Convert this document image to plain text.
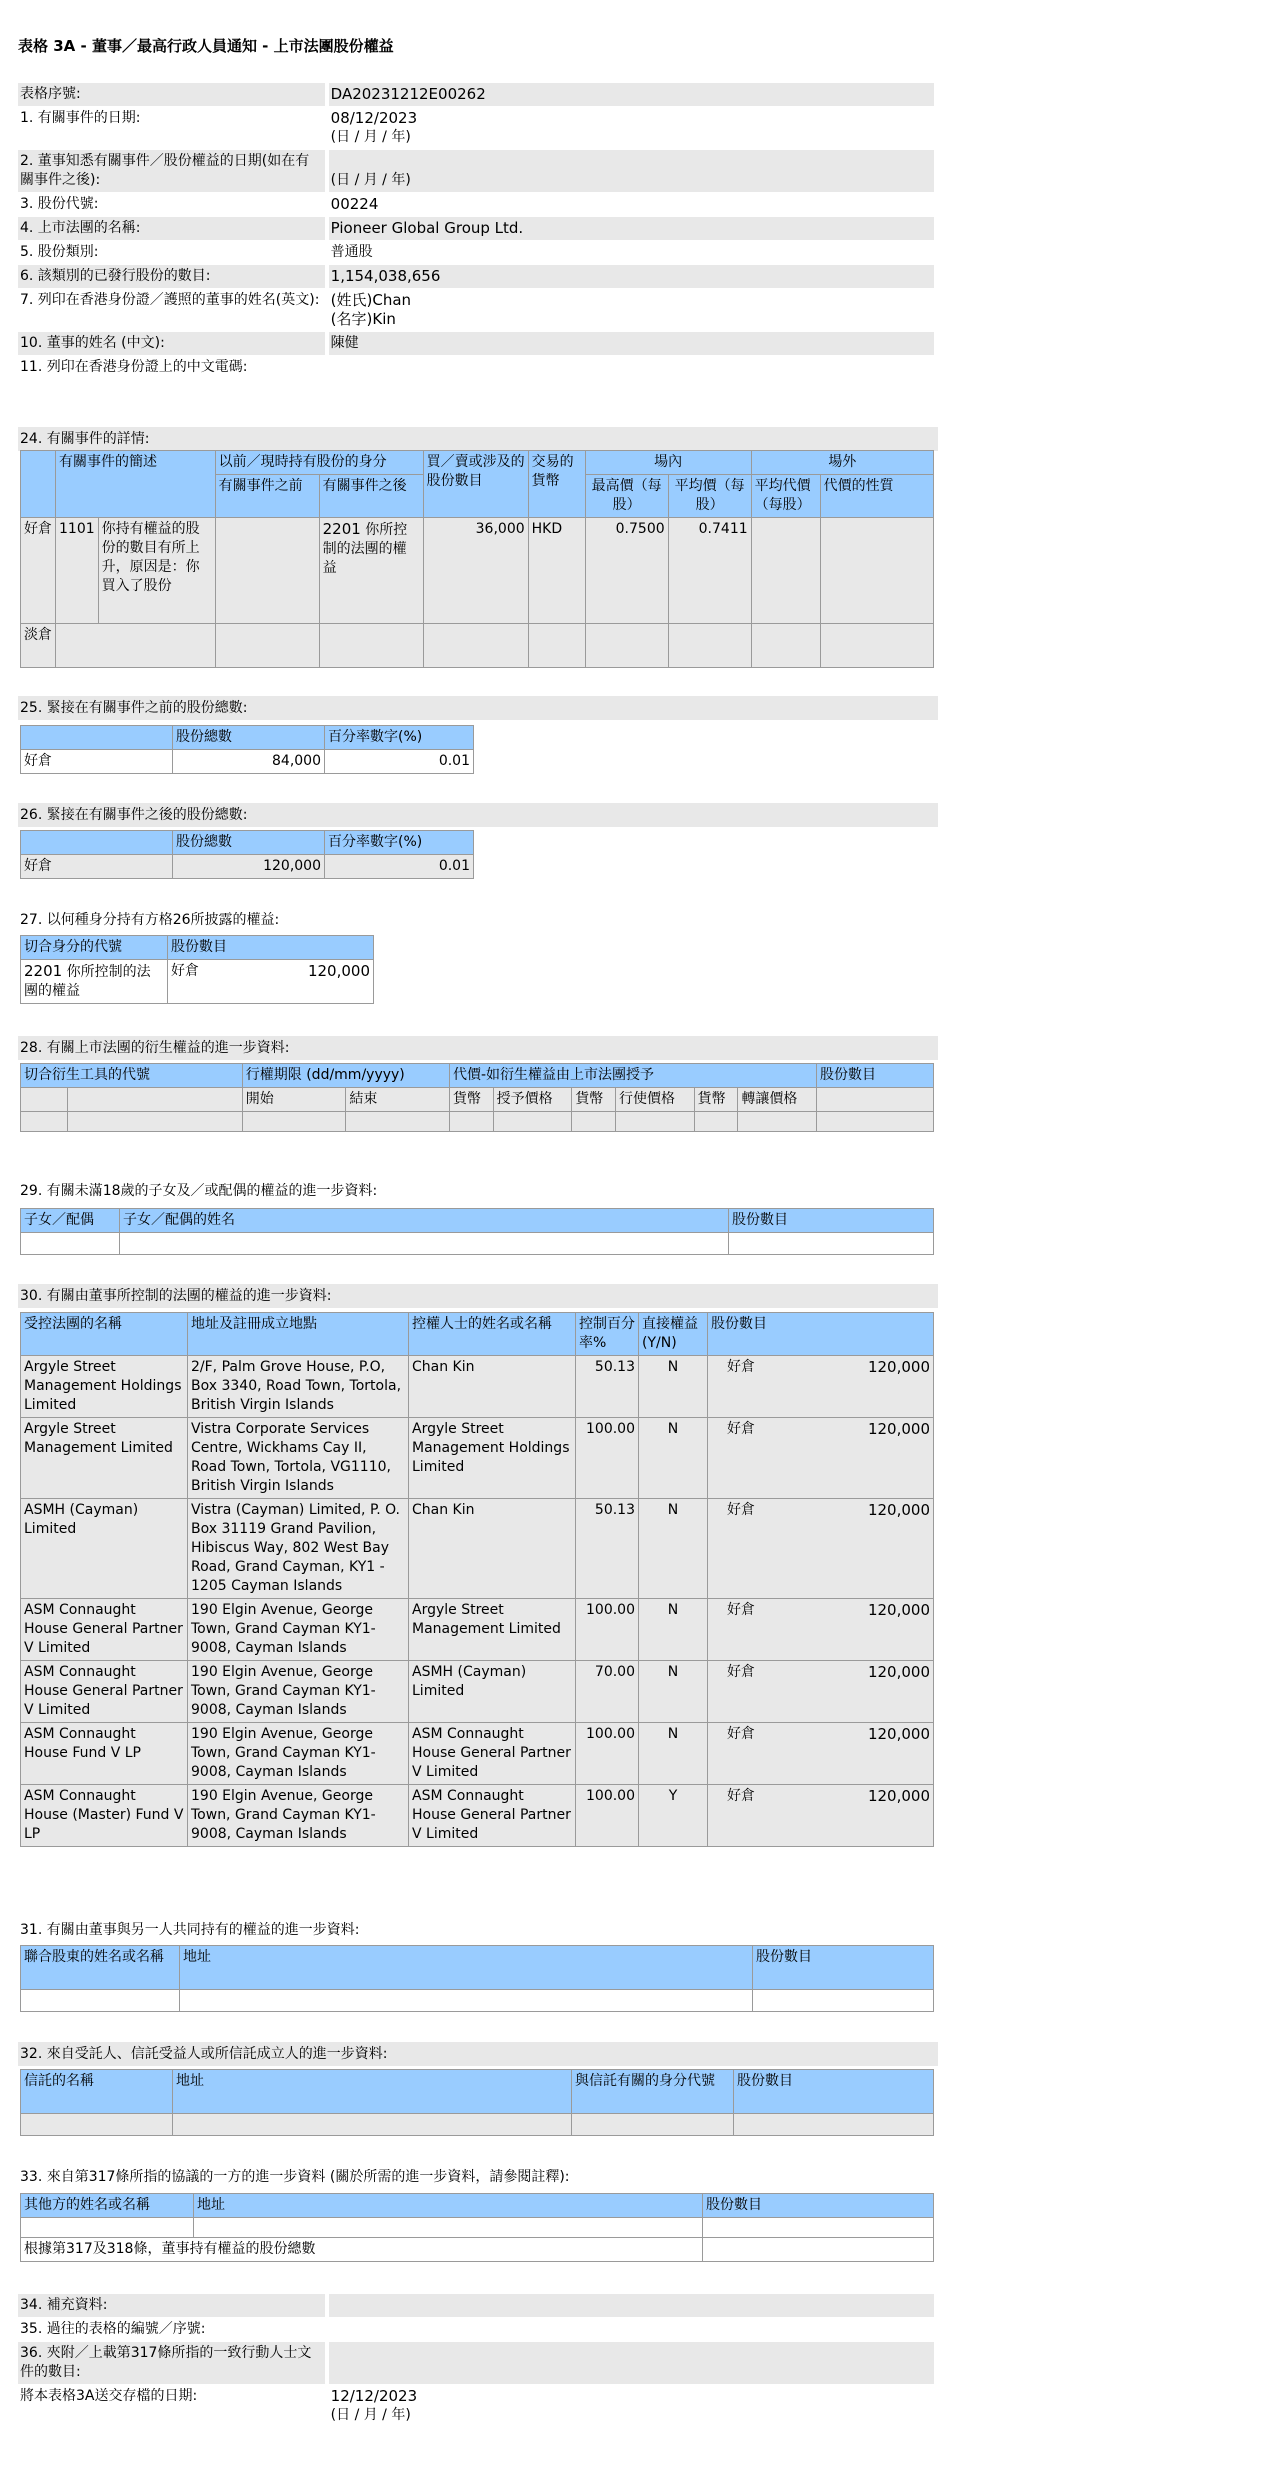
表格 3A - 董事／最高行政人員通知 - 上市法團股份權益
表格序號:	DA20231212E00262
1. 有關事件的日期:	08/12/2023
(日 / 月 / 年)
2. 董事知悉有關事件／股份權益的日期(如在有關事件之後):	(日 / 月 / 年)
3. 股份代號:	00224
4. 上市法團的名稱:	Pioneer Global Group Ltd.
5. 股份類別:	普通股
6. 該類別的已發行股份的數目:	1,154,038,656
7. 列印在香港身份證／護照的董事的姓名(英文): (姓氏)Chan
(名字)Kin
10. 董事的姓名 (中文):	陳健
11. 列印在香港身份證上的中文電碼:
24. 有關事件的詳情:
	有關事件的簡述		以前／現時持有股份的身分		買／賣或涉及的股份數目	交易的貨幣	場內		場外	
			有關事件之前	有關事件之後			最高價（每股）	平均價（每股）	平均代價（每股）	代價的性質
好倉	1101	你持有權益的股份的數目有所上升，原因是：你買入了股份		2201 你所控制的法團的權益	36,000	HKD	0.7500	0.7411		
淡倉										
25. 緊接在有關事件之前的股份總數:
	股份總數	百分率數字(%)
好倉	84,000	0.01
26. 緊接在有關事件之後的股份總數:
	股份總數	百分率數字(%)
好倉	120,000	0.01
27. 以何種身分持有方格26所披露的權益:
切合身分的代號	股份數目
2201 你所控制的法團的權益	好倉 120,000
28. 有關上市法團的衍生權益的進一步資料:
切合衍生工具的代號		行權期限 (dd/mm/yyyy)		代價-如衍生權益由上市法團授予						股份數目
		開始	結束	貨幣	授予價格	貨幣	行使價格	貨幣	轉讓價格	

29. 有關未滿18歲的子女及／或配偶的權益的進一步資料:
子女／配偶	子女／配偶的姓名	股份數目

30. 有關由董事所控制的法團的權益的進一步資料:
受控法團的名稱	地址及註冊成立地點	控權人士的姓名或名稱	控制百分率%	直接權益(Y/N)	股份數目
Argyle Street Management Holdings Limited	2/F, Palm Grove House, P.O, Box 3340, Road Town, Tortola, British Virgin Islands	Chan Kin	50.13	N	好倉 120,000

Argyle Street Management Limited	Vistra Corporate Services Centre, Wickhams Cay II, Road Town, Tortola, VG1110, British Virgin Islands	Argyle Street Management Holdings Limited	100.00	N	好倉 120,000

ASMH (Cayman) Limited	Vistra (Cayman) Limited, P. O. Box 31119 Grand Pavilion, Hibiscus Way, 802 West Bay Road, Grand Cayman, KY1 - 1205 Cayman Islands	Chan Kin	50.13	N	好倉 120,000

ASM Connaught House General Partner V Limited	190 Elgin Avenue, George Town, Grand Cayman KY1-9008, Cayman Islands	Argyle Street Management Limited	100.00	N	好倉 120,000

ASM Connaught House General Partner V Limited	190 Elgin Avenue, George Town, Grand Cayman KY1-9008, Cayman Islands	ASMH (Cayman) Limited	70.00	N	好倉 120,000

ASM Connaught House Fund V LP	190 Elgin Avenue, George Town, Grand Cayman KY1-9008, Cayman Islands	ASM Connaught House General Partner V Limited	100.00	N	好倉 120,000

ASM Connaught House (Master) Fund V LP	190 Elgin Avenue, George Town, Grand Cayman KY1-9008, Cayman Islands	ASM Connaught House General Partner V Limited	100.00	Y	好倉 120,000
31. 有關由董事與另一人共同持有的權益的進一步資料:
聯合股東的姓名或名稱	地址	股份數目

32. 來自受託人、信託受益人或所信託成立人的進一步資料:
信託的名稱	地址	與信託有關的身分代號	股份數目

33. 來自第317條所指的協議的一方的進一步資料 (關於所需的進一步資料，請參閱註釋):
其他方的姓名或名稱	地址	股份數目

根據第317及318條，董事持有權益的股份總數		
34. 補充資料:
35. 過往的表格的編號／序號:
36. 夾附／上載第317條所指的一致行動人士文件的數目:
將本表格3A送交存檔的日期:	12/12/2023
(日 / 月 / 年)
